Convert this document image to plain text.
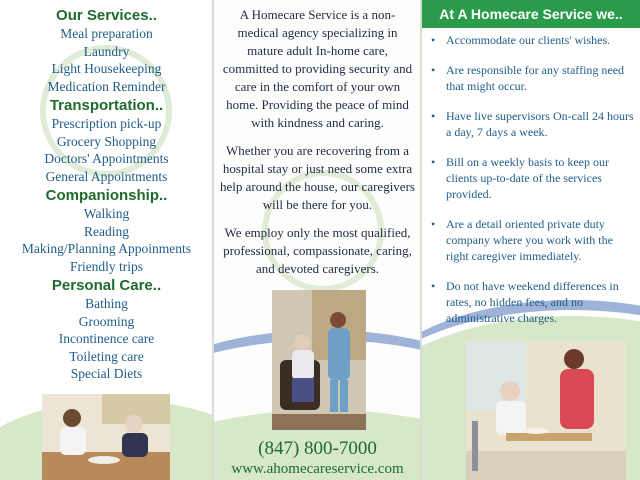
Our Services..
Meal preparation
Laundry
Light Housekeeping
Medication Reminder
Transportation..
Prescription pick-up
Grocery Shopping
Doctors' Appointments
General Appointments
Companionship..
Walking
Reading
Making/Planning Appoinments
Friendly trips
Personal Care..
Bathing
Grooming
Incontinence care
Toileting care
Special Diets

A Homecare Service is a non-medical agency specializing in mature adult In-home care, committed to providing security and care in the comfort of your own home. Providing the peace of mind with kindness and caring.

Whether you are recovering from a hospital stay or just need some extra help around the house, our caregivers will be there for you.

We employ only the most qualified, professional, compassionate, caring, and devoted caregivers.

(847) 800-7000
www.ahomecareservice.com
At A Homecare Service we..
• Accommodate our clients' wishes.
• Are responsible for any staffing need that might occur.
• Have live supervisors On-call 24 hours a day, 7 days a week.
• Bill on a weekly basis to keep our clients up-to-date of the services provided.
• Are a detail oriented private duty company where you work with the right caregiver immediately.
• Do not have weekend differences in rates, no hidden fees, and no administrative charges.
